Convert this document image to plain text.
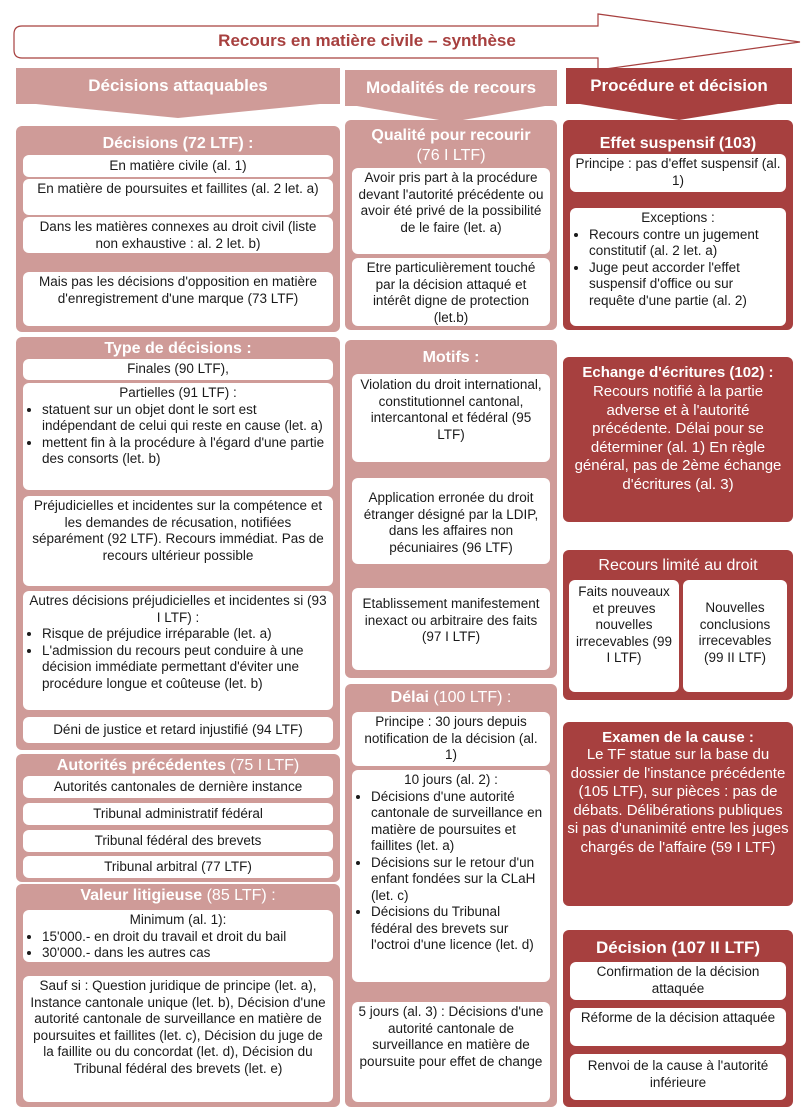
Recours en matière civile – synthèse
Décisions attaquables	Modalités de recours	Procédure et décision
Décisions (72 LTF) :
En matière civile (al. 1)
En matière de poursuites et faillites (al. 2 let. a)
Dans les matières connexes au droit civil (liste non exhaustive : al. 2 let. b)
Mais pas les décisions d'opposition en matière d'enregistrement d'une marque (73 LTF)
Type de décisions :
Finales (90 LTF),
Partielles (91 LTF) :
• statuent sur un objet dont le sort est indépendant de celui qui reste en cause (let. a)
• mettent fin à la procédure à l'égard d'une partie des consorts (let. b)
Préjudicielles et incidentes sur la compétence et les demandes de récusation, notifiées séparément (92 LTF). Recours immédiat. Pas de recours ultérieur possible
Autres décisions préjudicielles et incidentes si (93 I LTF) :
• Risque de préjudice irréparable (let. a)
• L'admission du recours peut conduire à une décision immédiate permettant d'éviter une procédure longue et coûteuse (let. b)
Déni de justice et retard injustifié (94 LTF)
Autorités précédentes (75 I LTF)
Autorités cantonales de dernière instance
Tribunal administratif fédéral
Tribunal fédéral des brevets
Tribunal arbitral (77 LTF)
Valeur litigieuse (85 LTF) :
Minimum (al. 1):
• 15'000.- en droit du travail et droit du bail
• 30'000.- dans les autres cas
Sauf si : Question juridique de principe (let. a), Instance cantonale unique (let. b), Décision d'une autorité cantonale de surveillance en matière de poursuites et faillites (let. c), Décision du juge de la faillite ou du concordat (let. d), Décision du Tribunal fédéral des brevets (let. e)
Qualité pour recourir
(76 I LTF)
Avoir pris part à la procédure devant l'autorité précédente ou avoir été privé de la possibilité de le faire (let. a)
Etre particulièrement touché par la décision attaqué et intérêt digne de protection (let.b)
Motifs :
Violation du droit international, constitutionnel cantonal, intercantonal et fédéral (95 LTF)
Application erronée du droit étranger désigné par la LDIP, dans les affaires non pécuniaires (96 LTF)
Etablissement manifestement inexact ou arbitraire des faits (97 I LTF)
Délai (100 LTF) :
Principe : 30 jours depuis notification de la décision (al. 1)
10 jours (al. 2) :
• Décisions d'une autorité cantonale de surveillance en matière de poursuites et faillites (let. a)
• Décisions sur le retour d'un enfant fondées sur la CLaH (let. c)
• Décisions du Tribunal fédéral des brevets sur l'octroi d'une licence (let. d)
5 jours (al. 3) : Décisions d'une autorité cantonale de surveillance en matière de poursuite pour effet de change
Effet suspensif (103)
Principe : pas d'effet suspensif (al. 1)
Exceptions :
• Recours contre un jugement constitutif (al. 2 let. a)
• Juge peut accorder l'effet suspensif d'office ou sur requête d'une partie (al. 2)
Echange d'écritures (102) :
Recours notifié à la partie adverse et à l'autorité précédente. Délai pour se déterminer (al. 1) En règle général, pas de 2ème échange d'écritures (al. 3)
Recours limité au droit
Faits nouveaux et preuves nouvelles irrecevables (99 I LTF)
Nouvelles conclusions irrecevables (99 II LTF)
Examen de la cause :
Le TF statue sur la base du dossier de l'instance précédente (105 LTF), sur pièces : pas de débats. Délibérations publiques si pas d'unanimité entre les juges chargés de l'affaire (59 I LTF)
Décision (107 II LTF)
Confirmation de la décision attaquée
Réforme de la décision attaquée
Renvoi de la cause à l'autorité inférieure
